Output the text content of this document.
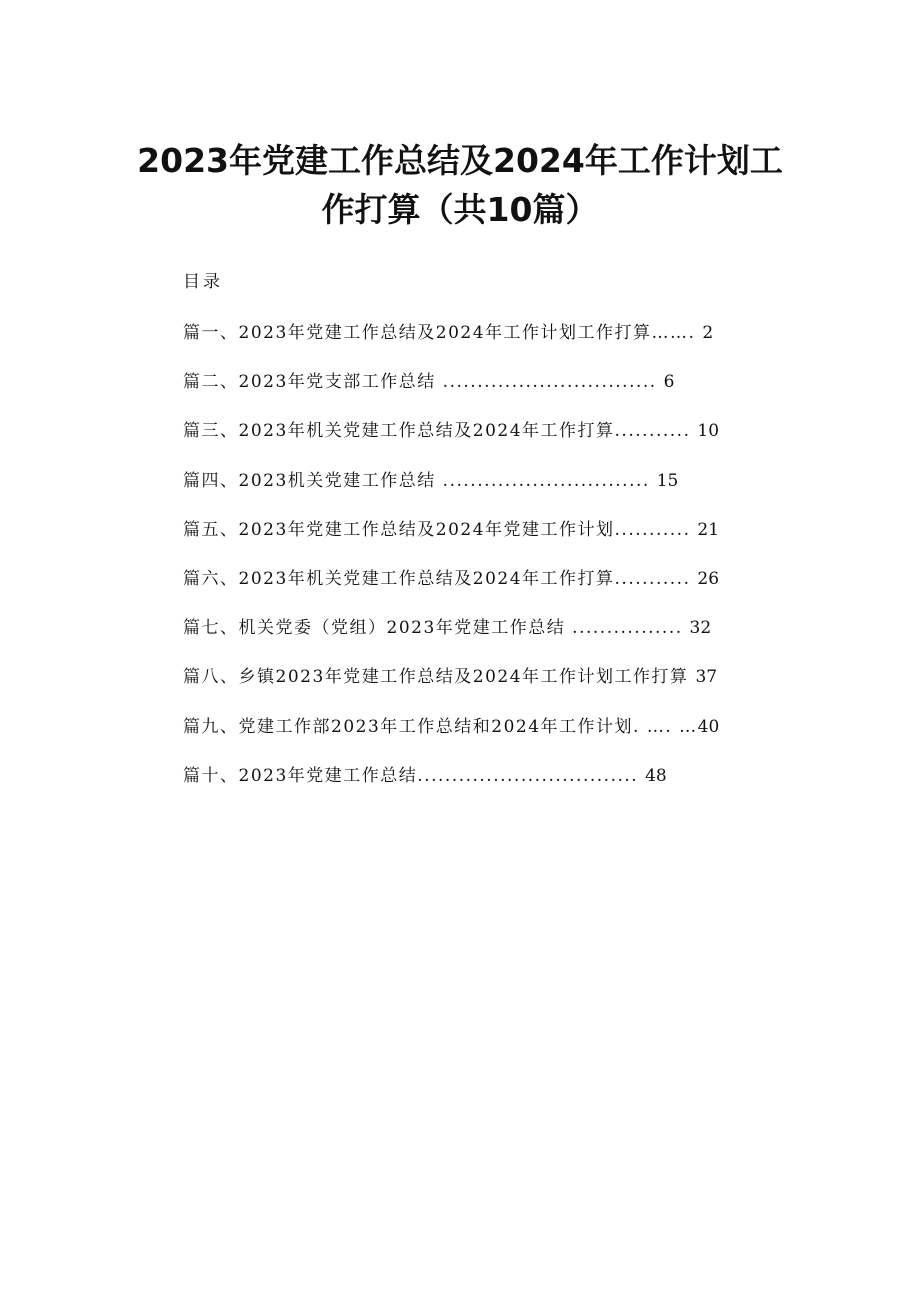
2023年党建工作总结及2024年工作计划工
作打算（共10篇）
目录
篇一、2023年党建工作总结及2024年工作计划工作打算……. 2
篇二、2023年党支部工作总结 ............................... 6
篇三、2023年机关党建工作总结及2024年工作打算........... 10
篇四、2023机关党建工作总结 .............................. 15
篇五、2023年党建工作总结及2024年党建工作计划........... 21
篇六、2023年机关党建工作总结及2024年工作打算........... 26
篇七、机关党委（党组）2023年党建工作总结 ................ 32
篇八、乡镇2023年党建工作总结及2024年工作计划工作打算 37
篇九、党建工作部2023年工作总结和2024年工作计划. …. …40
篇十、2023年党建工作总结................................ 48
